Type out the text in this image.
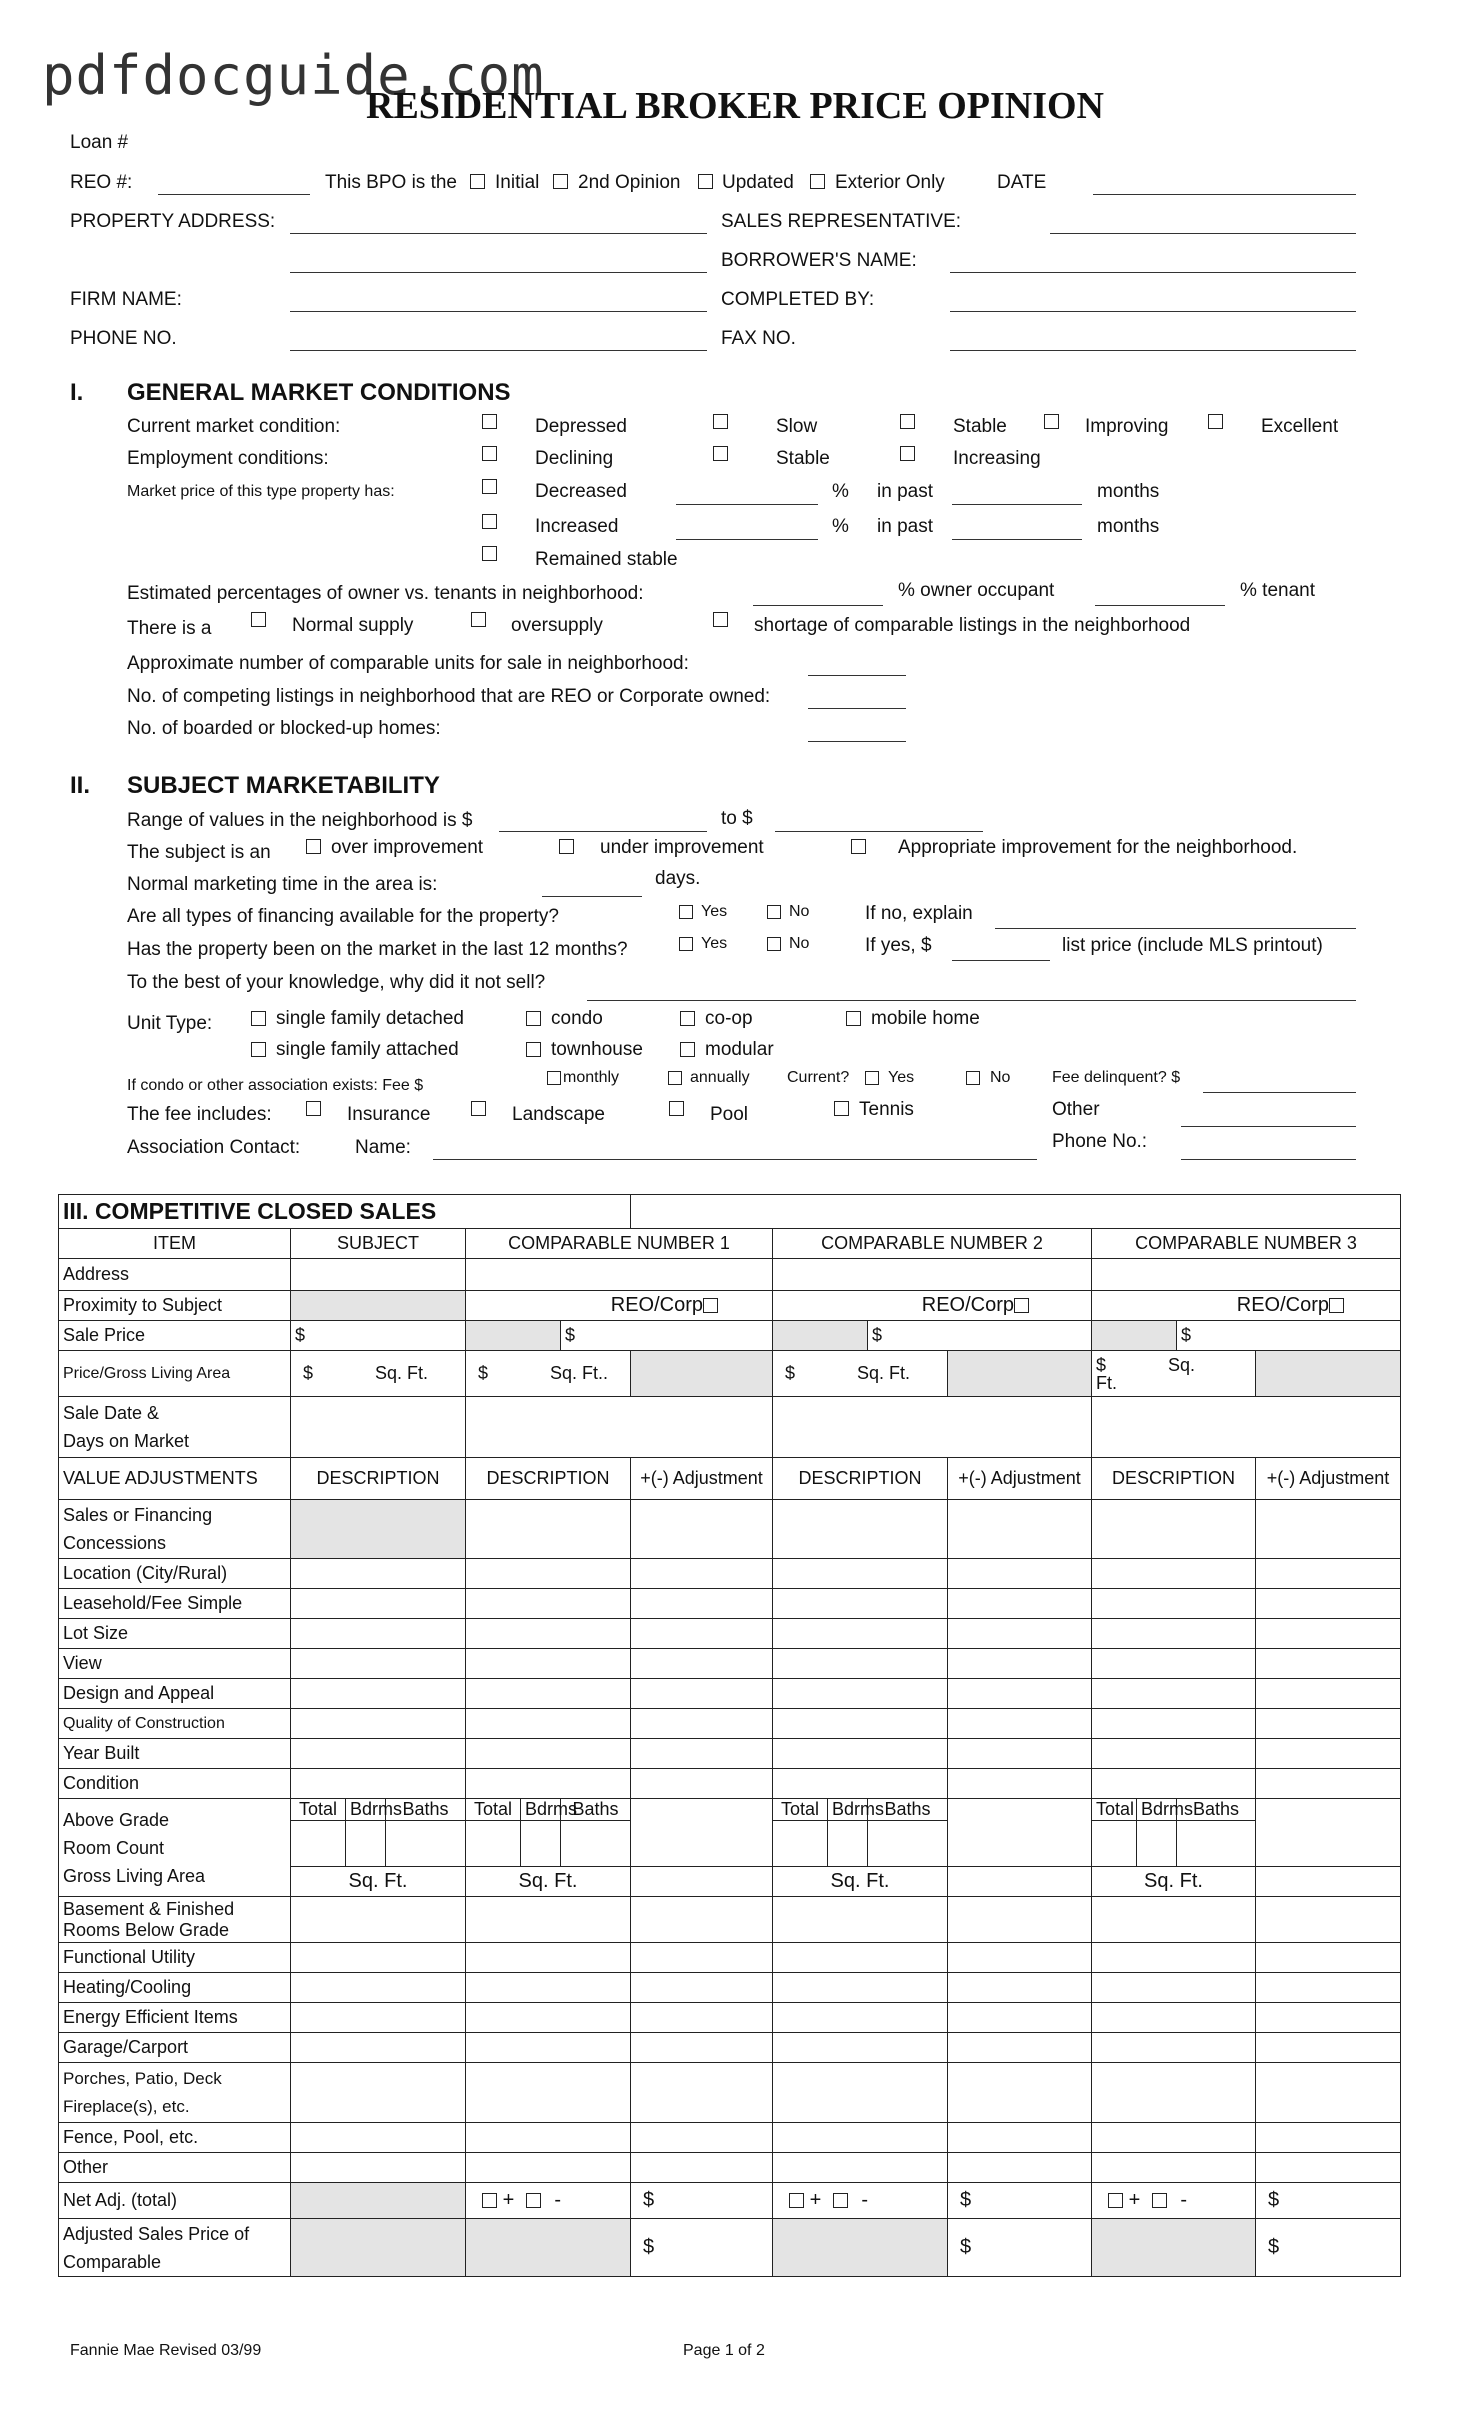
pdfdocguide.com
RESIDENTIAL BROKER PRICE OPINION
Loan #
REO #:	This BPO is the Initial 2nd Opinion Updated Exterior Only	DATE
PROPERTY ADDRESS:	SALES REPRESENTATIVE:
BORROWER'S NAME:
FIRM NAME:	COMPLETED BY:
PHONE NO.	FAX NO.
I. GENERAL MARKET CONDITIONS
Current market condition:	Depressed	Slow	Stable	Improving	Excellent
Employment conditions:	Declining	Stable	Increasing
Market price of this type property has:	Decreased	% in past	months
Increased	% in past	months
Remained stable
Estimated percentages of owner vs. tenants in neighborhood:	% owner occupant	% tenant
There is a	Normal supply	oversupply	shortage of comparable listings in the neighborhood
Approximate number of comparable units for sale in neighborhood:
No. of competing listings in neighborhood that are REO or Corporate owned:
No. of boarded or blocked-up homes:
II. SUBJECT MARKETABILITY
Range of values in the neighborhood is $	to $
The subject is an	over improvement	under improvement	Appropriate improvement for the neighborhood.
Normal marketing time in the area is:	days.
Are all types of financing available for the property?	Yes	No	If no, explain
Has the property been on the market in the last 12 months?	Yes	No	If yes, $	list price (include MLS printout)
To the best of your knowledge, why did it not sell?
Unit Type:	single family detached	condo	co-op	mobile home
single family attached	townhouse	modular
If condo or other association exists: Fee $	monthly	annually Current? Yes	No	Fee delinquent? $
The fee includes:	Insurance	Landscape	Pool	Tennis	Other
Association Contact:	Name:	Phone No.:
III. COMPETITIVE CLOSED SALES															
ITEM	SUBJECT			COMPARABLE NUMBER 1				COMPARABLE NUMBER 2				COMPARABLE NUMBER 3			
Address															
Proximity to Subject				REO/Corp				REO/Corp				REO/Corp			
Sale Price	$					$				$				$	
Price/Gross Living Area	$ Sq. Ft.			$ Sq. Ft..				$ Sq. Ft.				$ Sq.
Ft.			
Sale Date &
Days on Market															
VALUE ADJUSTMENTS	DESCRIPTION			DESCRIPTION			+(-) Adjustment	DESCRIPTION			+(-) Adjustment	DESCRIPTION			+(-) Adjustment
Sales or Financing
Concessions															
Location (City/Rural)															
Leasehold/Fee Simple															
Lot Size															
View															
Design and Appeal															
Quality of Construction															
Year Built															
Condition															
Above Grade
Room Count
Gross Living Area	Total	Bdrms	Baths	Total	Bdrms	Baths		Total	Bdrms	Baths		Total	Bdrms	Baths	

	Sq. Ft.			Sq. Ft.				Sq. Ft.				Sq. Ft.			
Basement & Finished
Rooms Below Grade															
Functional Utility															
Heating/Cooling															
Energy Efficient Items															
Garage/Carport															
Porches, Patio, Deck
Fireplace(s), etc.															
Fence, Pool, etc.															
Other															
Net Adj. (total)				+ -			$	+ -			$	+ -			$
Adjusted Sales Price of
Comparable							$				$				$
Fannie Mae Revised 03/99	Page 1 of 2
